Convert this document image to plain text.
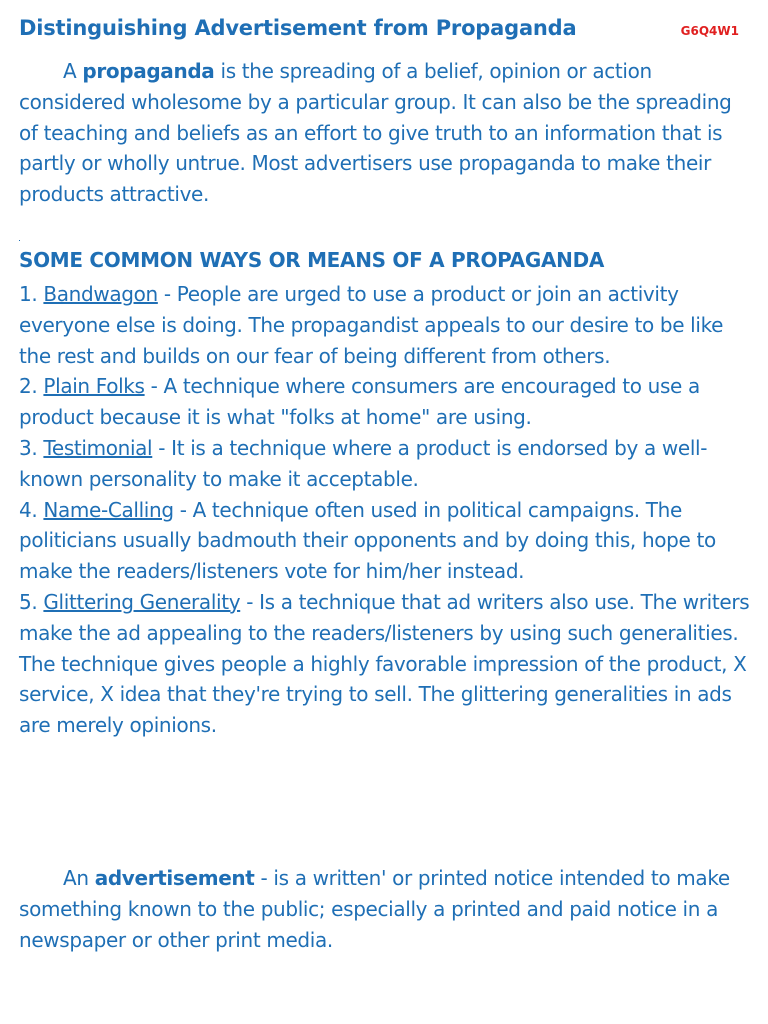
Distinguishing Advertisement from Propaganda	G6Q4W1
A propaganda is the spreading of a belief, opinion or action considered wholesome by a particular group. It can also be the spreading of teaching and beliefs as an effort to give truth to an information that is partly or wholly untrue. Most advertisers use propaganda to make their products attractive.
SOME COMMON WAYS OR MEANS OF A PROPAGANDA
1. Bandwagon - People are urged to use a product or join an activity everyone else is doing. The propagandist appeals to our desire to be like the rest and builds on our fear of being different from others.
2. Plain Folks - A technique where consumers are encouraged to use a product because it is what "folks at home" are using.
3. Testimonial - It is a technique where a product is endorsed by a well-known personality to make it acceptable.
4. Name-Calling - A technique often used in political campaigns. The politicians usually badmouth their opponents and by doing this, hope to make the readers/listeners vote for him/her instead.
5. Glittering Generality - Is a technique that ad writers also use. The writers make the ad appealing to the readers/listeners by using such generalities. The technique gives people a highly favorable impression of the product, X service, X idea that they're trying to sell. The glittering generalities in ads are merely opinions.
An advertisement - is a written' or printed notice intended to make something known to the public; especially a printed and paid notice in a newspaper or other print media.
